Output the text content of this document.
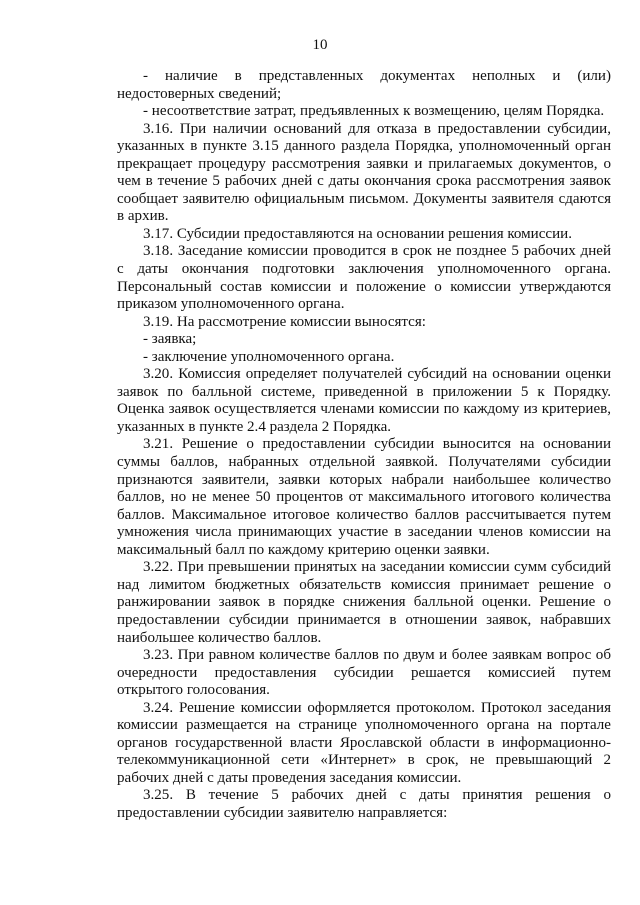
10

- наличие в представленных документах неполных и (или) недостоверных сведений;

- несоответствие затрат, предъявленных к возмещению, целям Порядка.

3.16. При наличии оснований для отказа в предоставлении субсидии, указанных в пункте 3.15 данного раздела Порядка, уполномоченный орган прекращает процедуру рассмотрения заявки и прилагаемых документов, о чем в течение 5 рабочих дней с даты окончания срока рассмотрения заявок сообщает заявителю официальным письмом. Документы заявителя сдаются в архив.

3.17. Субсидии предоставляются на основании решения комиссии.

3.18. Заседание комиссии проводится в срок не позднее 5 рабочих дней с даты окончания подготовки заключения уполномоченного органа. Персональный состав комиссии и положение о комиссии утверждаются приказом уполномоченного органа.

3.19. На рассмотрение комиссии выносятся:

- заявка;

- заключение уполномоченного органа.

3.20. Комиссия определяет получателей субсидий на основании оценки заявок по балльной системе, приведенной в приложении 5 к Порядку. Оценка заявок осуществляется членами комиссии по каждому из критериев, указанных в пункте 2.4 раздела 2 Порядка.

3.21. Решение о предоставлении субсидии выносится на основании суммы баллов, набранных отдельной заявкой. Получателями субсидии признаются заявители, заявки которых набрали наибольшее количество баллов, но не менее 50 процентов от максимального итогового количества баллов. Максимальное итоговое количество баллов рассчитывается путем умножения числа принимающих участие в заседании членов комиссии на максимальный балл по каждому критерию оценки заявки.

3.22. При превышении принятых на заседании комиссии сумм субсидий над лимитом бюджетных обязательств комиссия принимает решение о ранжировании заявок в порядке снижения балльной оценки. Решение о предоставлении субсидии принимается в отношении заявок, набравших наибольшее количество баллов.

3.23. При равном количестве баллов по двум и более заявкам вопрос об очередности предоставления субсидии решается комиссией путем открытого голосования.

3.24. Решение комиссии оформляется протоколом. Протокол заседания комиссии размещается на странице уполномоченного органа на портале органов государственной власти Ярославской области в информационно-телекоммуникационной сети «Интернет» в срок, не превышающий 2 рабочих дней с даты проведения заседания комиссии.

3.25. В течение 5 рабочих дней с даты принятия решения о предоставлении субсидии заявителю направляется:
